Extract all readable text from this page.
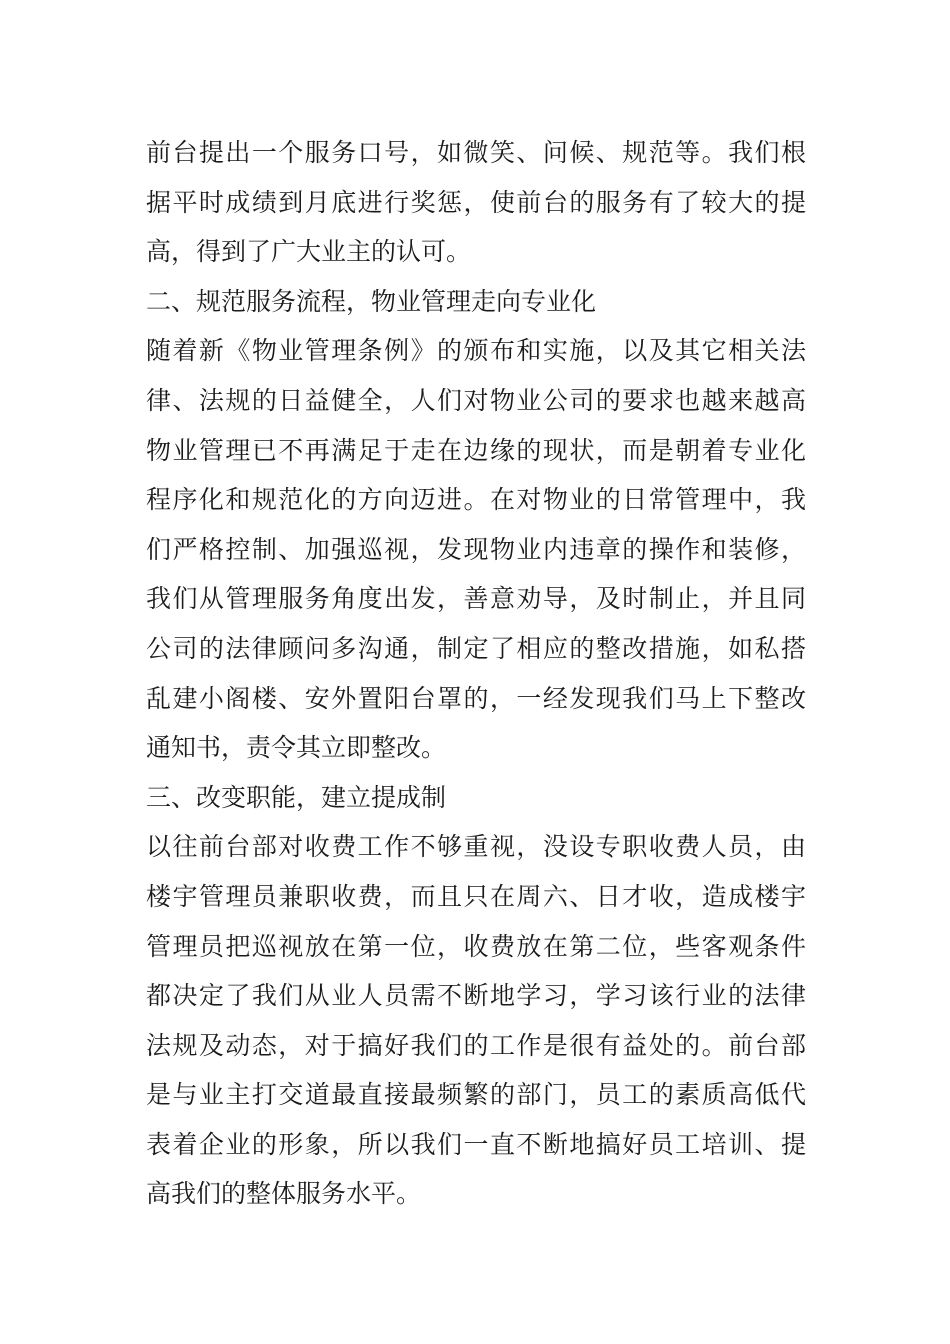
前台提出一个服务口号，如微笑、问候、规范等。我们根
据平时成绩到月底进行奖惩，使前台的服务有了较大的提
高，得到了广大业主的认可。
二、规范服务流程，物业管理走向专业化
随着新《物业管理条例》的颁布和实施，以及其它相关法
律、法规的日益健全，人们对物业公司的要求也越来越高
物业管理已不再满足于走在边缘的现状，而是朝着专业化
程序化和规范化的方向迈进。在对物业的日常管理中，我
们严格控制、加强巡视，发现物业内违章的操作和装修，
我们从管理服务角度出发，善意劝导，及时制止，并且同
公司的法律顾问多沟通，制定了相应的整改措施，如私搭
乱建小阁楼、安外置阳台罩的，一经发现我们马上下整改
通知书，责令其立即整改。
三、改变职能，建立提成制
以往前台部对收费工作不够重视，没设专职收费人员，由
楼宇管理员兼职收费，而且只在周六、日才收，造成楼宇
管理员把巡视放在第一位，收费放在第二位，些客观条件
都决定了我们从业人员需不断地学习，学习该行业的法律
法规及动态，对于搞好我们的工作是很有益处的。前台部
是与业主打交道最直接最频繁的部门，员工的素质高低代
表着企业的形象，所以我们一直不断地搞好员工培训、提
高我们的整体服务水平。
